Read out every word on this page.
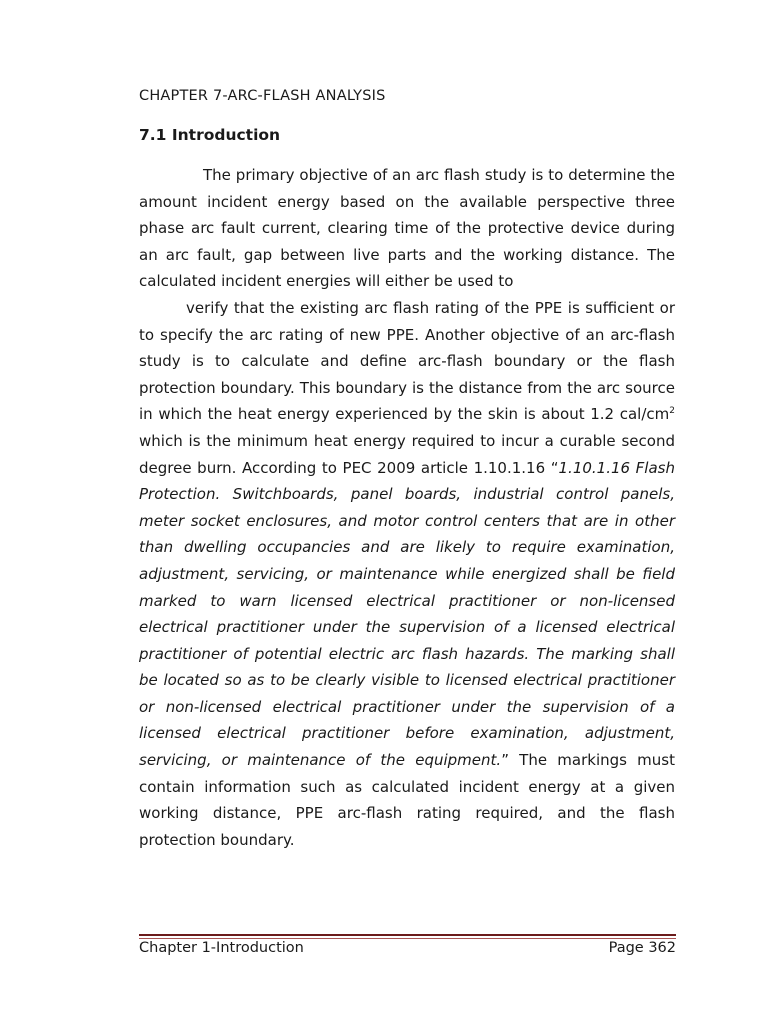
CHAPTER 7-ARC-FLASH ANALYSIS
7.1 Introduction

The primary objective of an arc flash study is to determine the amount incident energy based on the available perspective three phase arc fault current, clearing time of the protective device during an arc fault, gap between live parts and the working distance. The calculated incident energies will either be used to

verify that the existing arc flash rating of the PPE is sufficient or to specify the arc rating of new PPE. Another objective of an arc-flash study is to calculate and define arc-flash boundary or the flash protection boundary. This boundary is the distance from the arc source in which the heat energy experienced by the skin is about 1.2 cal/$cm^2$ which is the minimum heat energy required to incur a curable second degree burn. According to PEC 2009 article 1.10.1.16 “1.10.1.16 Flash Protection. Switchboards, panel boards, industrial control panels, meter socket enclosures, and motor control centers that are in other than dwelling occupancies and are likely to require examination, adjustment, servicing, or maintenance while energized shall be field marked to warn licensed electrical practitioner or non-licensed electrical practitioner under the supervision of a licensed electrical practitioner of potential electric arc flash hazards. The marking shall be located so as to be clearly visible to licensed electrical practitioner or non-licensed electrical practitioner under the supervision of a licensed electrical practitioner before examination, adjustment, servicing, or maintenance of the equipment.” The markings must contain information such as calculated incident energy at a given working distance, PPE arc-flash rating required, and the flash protection boundary.

Chapter 1-Introduction	Page 362
